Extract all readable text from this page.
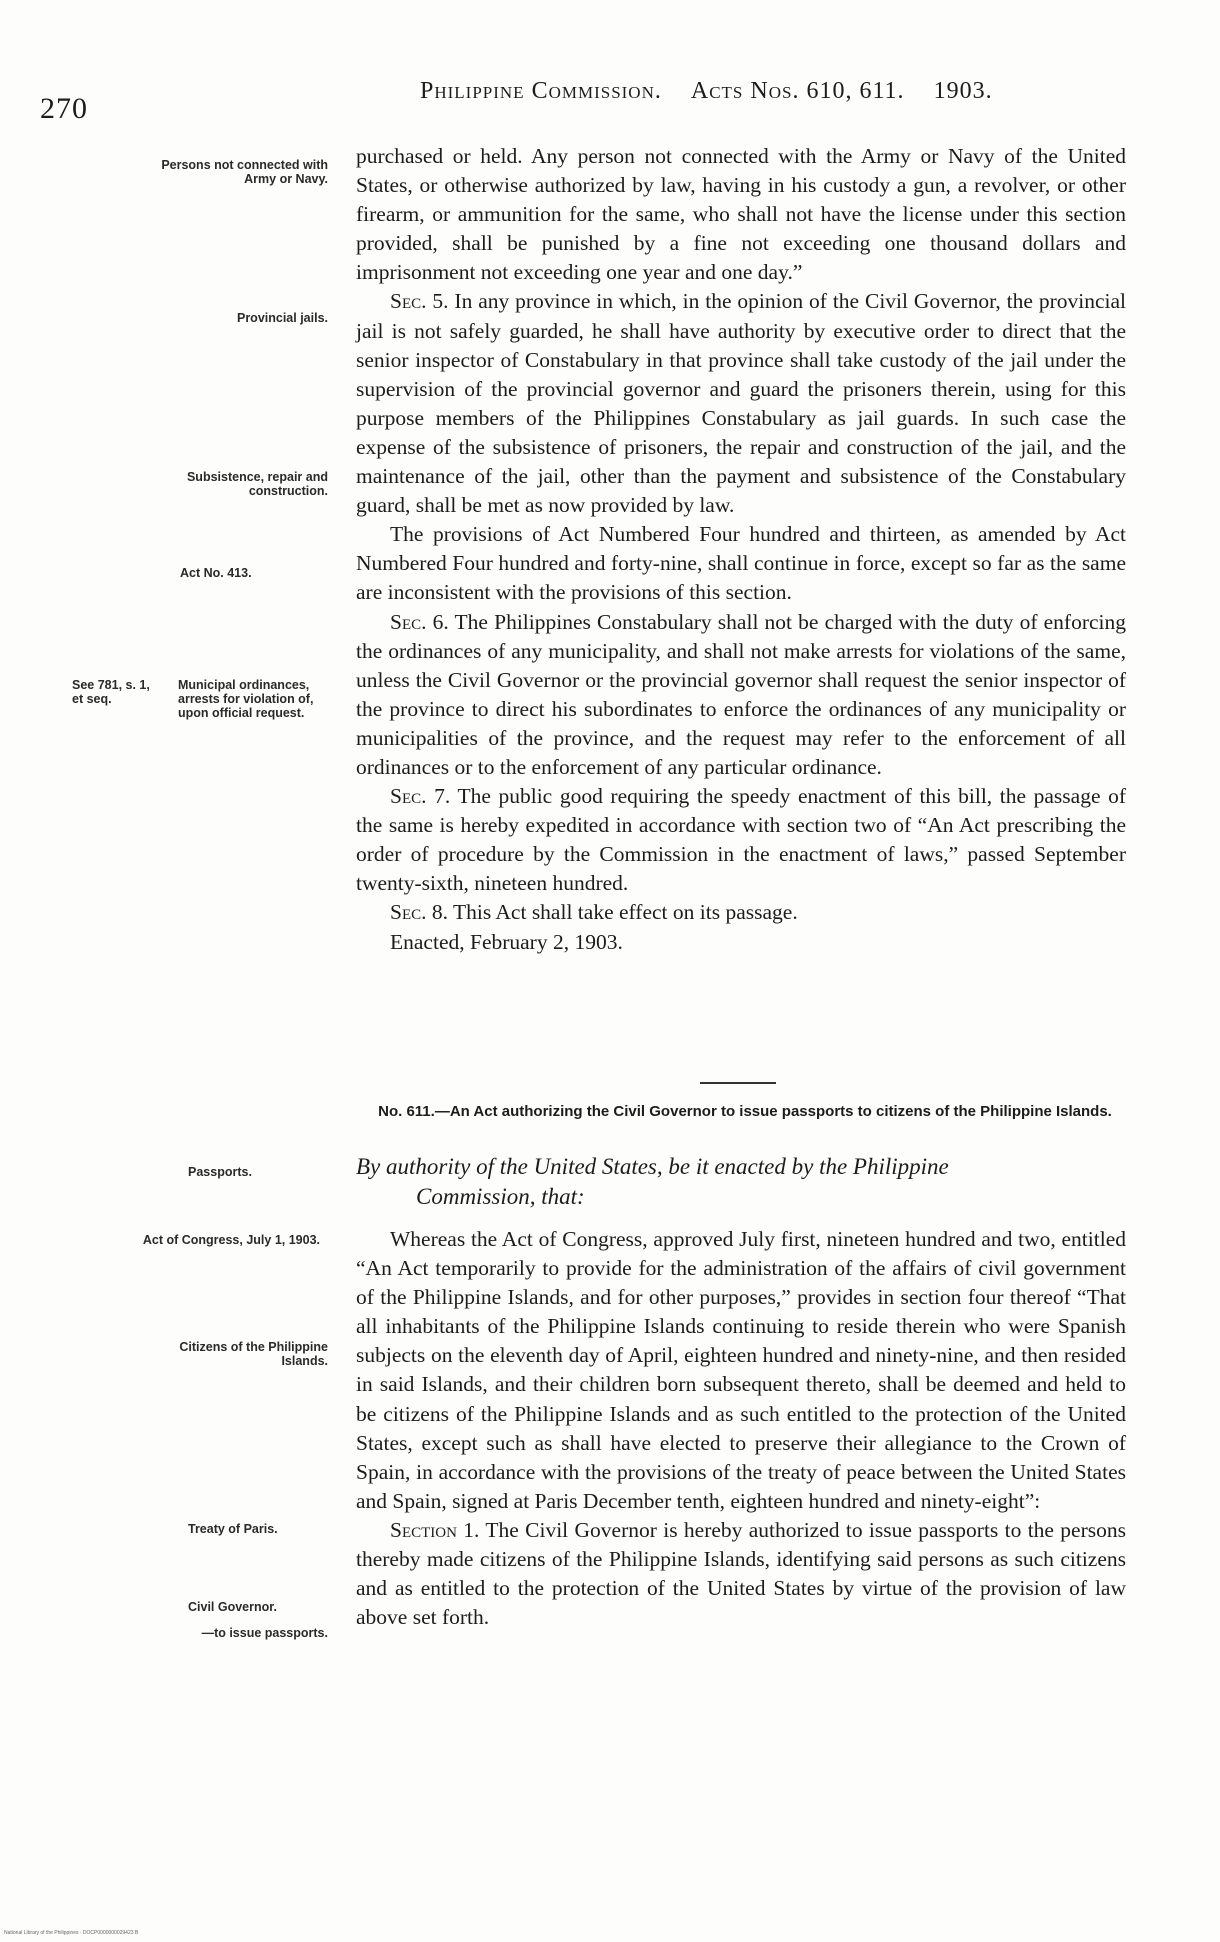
270
Philippine Commission. Acts Nos. 610, 611. 1903.
Persons not connected with Army or Navy.
Provincial jails.
Subsistence, repair and construction.
Act No. 413.
See 781, s. 1, et seq.
Municipal ordinances, arrests for violation of, upon official request.
Passports.
Act of Congress, July 1, 1903.
Citizens of the Philippine Islands.
Treaty of Paris.
Civil Governor.
—to issue passports.

purchased or held. Any person not connected with the Army or Navy of the United States, or otherwise authorized by law, having in his custody a gun, a revolver, or other firearm, or ammunition for the same, who shall not have the license under this section provided, shall be punished by a fine not exceeding one thousand dollars and imprisonment not exceeding one year and one day.”

Sec. 5. In any province in which, in the opinion of the Civil Governor, the provincial jail is not safely guarded, he shall have authority by executive order to direct that the senior inspector of Constabulary in that province shall take custody of the jail under the supervision of the provincial governor and guard the prisoners therein, using for this purpose members of the Philippines Constabulary as jail guards. In such case the expense of the subsistence of prisoners, the repair and construction of the jail, and the maintenance of the jail, other than the payment and subsistence of the Constabulary guard, shall be met as now provided by law.

The provisions of Act Numbered Four hundred and thirteen, as amended by Act Numbered Four hundred and forty-nine, shall continue in force, except so far as the same are inconsistent with the provisions of this section.

Sec. 6. The Philippines Constabulary shall not be charged with the duty of enforcing the ordinances of any municipality, and shall not make arrests for violations of the same, unless the Civil Governor or the provincial governor shall request the senior inspector of the province to direct his subordinates to enforce the ordinances of any municipality or municipalities of the province, and the request may refer to the enforcement of all ordinances or to the enforcement of any particular ordinance.

Sec. 7. The public good requiring the speedy enactment of this bill, the passage of the same is hereby expedited in accordance with section two of “An Act prescribing the order of procedure by the Commission in the enactment of laws,” passed September twenty-sixth, nineteen hundred.

Sec. 8. This Act shall take effect on its passage.

Enacted, February 2, 1903.

No. 611.—An Act authorizing the Civil Governor to issue passports to citizens of the Philippine Islands.
By authority of the United States, be it enacted by the Philippine
Commission, that:

Whereas the Act of Congress, approved July first, nineteen hundred and two, entitled “An Act temporarily to provide for the administration of the affairs of civil government of the Philippine Islands, and for other purposes,” provides in section four thereof “That all inhabitants of the Philippine Islands continuing to reside therein who were Spanish subjects on the eleventh day of April, eighteen hundred and ninety-nine, and then resided in said Islands, and their children born subsequent thereto, shall be deemed and held to be citizens of the Philippine Islands and as such entitled to the protection of the United States, except such as shall have elected to preserve their allegiance to the Crown of Spain, in accordance with the provisions of the treaty of peace between the United States and Spain, signed at Paris December tenth, eighteen hundred and ninety-eight”:

Section 1. The Civil Governor is hereby authorized to issue passports to the persons thereby made citizens of the Philippine Islands, identifying said persons as such citizens and as entitled to the protection of the United States by virtue of the provision of law above set forth.

National Library of the Philippines · DOCP0000000029423 B
